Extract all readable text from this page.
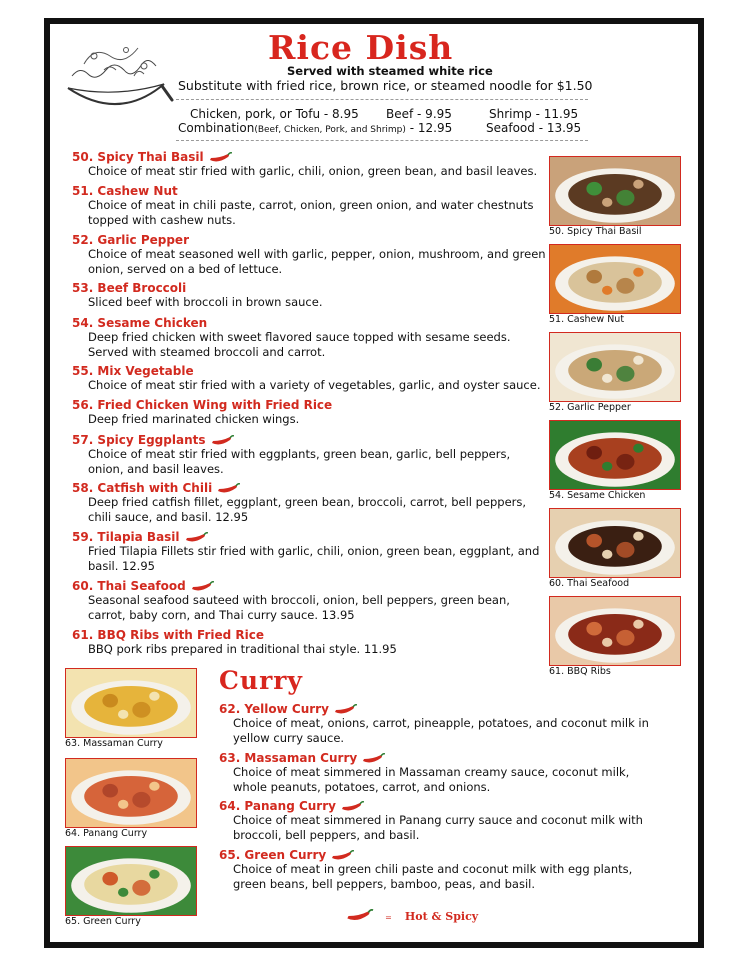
Rice Dish
Served with steamed white rice
Substitute with fried rice, brown rice, or steamed noodle for $1.50
Chicken, pork, or Tofu - 8.95 Beef - 9.95	Shrimp - 11.95
Combination(Beef, Chicken, Pork, and Shrimp) - 12.95	Seafood - 13.95
50. Spicy Thai Basil
Choice of meat stir fried with garlic, chili, onion, green bean, and basil leaves.
51. Cashew Nut
Choice of meat in chili paste, carrot, onion, green onion, and water chestnuts topped with cashew nuts.
52. Garlic Pepper
Choice of meat seasoned well with garlic, pepper, onion, mushroom, and green onion, served on a bed of lettuce.
53. Beef Broccoli
Sliced beef with broccoli in brown sauce.
54. Sesame Chicken
Deep fried chicken with sweet flavored sauce topped with sesame seeds. Served with steamed broccoli and carrot.
55. Mix Vegetable
Choice of meat stir fried with a variety of vegetables, garlic, and oyster sauce.
56. Fried Chicken Wing with Fried Rice
Deep fried marinated chicken wings.
57. Spicy Eggplants
Choice of meat stir fried with eggplants, green bean, garlic, bell peppers, onion, and basil leaves.
58. Catfish with Chili
Deep fried catfish fillet, eggplant, green bean, broccoli, carrot, bell peppers, chili sauce, and basil. 12.95
59. Tilapia Basil
Fried Tilapia Fillets stir fried with garlic, chili, onion, green bean, eggplant, and basil. 12.95
60. Thai Seafood
Seasonal seafood sauteed with broccoli, onion, bell peppers, green bean, carrot, baby corn, and Thai curry sauce. 13.95
61. BBQ Ribs with Fried Rice
BBQ pork ribs prepared in traditional thai style. 11.95
50. Spicy Thai Basil
51. Cashew Nut
52. Garlic Pepper
54. Sesame Chicken
60. Thai Seafood
61. BBQ Ribs
Curry
62. Yellow Curry
Choice of meat, onions, carrot, pineapple, potatoes, and coconut milk in yellow curry sauce.
63. Massaman Curry
Choice of meat simmered in Massaman creamy sauce, coconut milk, whole peanuts, potatoes, carrot, and onions.
64. Panang Curry
Choice of meat simmered in Panang curry sauce and coconut milk with broccoli, bell peppers, and basil.
65. Green Curry
Choice of meat in green chili paste and coconut milk with egg plants, green beans, bell peppers, bamboo, peas, and basil.
63. Massaman Curry
64. Panang Curry
65. Green Curry	= Hot & Spicy
